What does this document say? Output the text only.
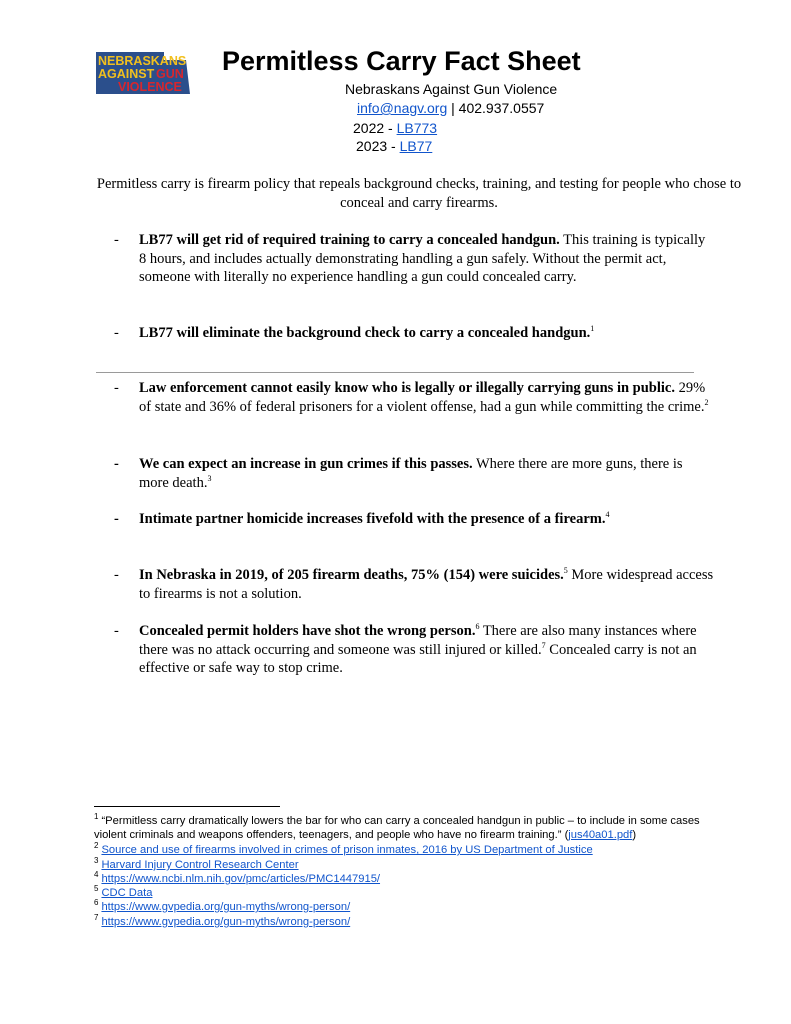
NEBRASKANS
AGAINST GUN
VIOLENCE
Permitless Carry Fact Sheet
Nebraskans Against Gun Violence
info@nagv.org | 402.937.0557
2022 - LB773
2023 - LB77
Permitless carry is firearm policy that repeals background checks, training, and testing for people who chose to conceal and carry firearms.
-	LB77 will get rid of required training to carry a concealed handgun. This training is typically 8 hours, and includes actually demonstrating handling a gun safely. Without the permit act, someone with literally no experience handling a gun could concealed carry.
-	LB77 will eliminate the background check to carry a concealed handgun.$^1$
-	Law enforcement cannot easily know who is legally or illegally carrying guns in public. 29% of state and 36% of federal prisoners for a violent offense, had a gun while committing the crime.$^2$
-	We can expect an increase in gun crimes if this passes. Where there are more guns, there is more death.$^3$
-	Intimate partner homicide increases fivefold with the presence of a firearm.$^4$
-	In Nebraska in 2019, of 205 firearm deaths, 75% (154) were suicides.$^5$ More widespread access to firearms is not a solution.
-	Concealed permit holders have shot the wrong person.$^6$ There are also many instances where there was no attack occurring and someone was still injured or killed.$^7$ Concealed carry is not an effective or safe way to stop crime.
$^1$ “Permitless carry dramatically lowers the bar for who can carry a concealed handgun in public – to include in some cases violent criminals and weapons offenders, teenagers, and people who have no firearm training.” (jus40a01.pdf)
$^2$ Source and use of firearms involved in crimes of prison inmates, 2016 by US Department of Justice
$^3$ Harvard Injury Control Research Center
$^4$ https://www.ncbi.nlm.nih.gov/pmc/articles/PMC1447915/
$^5$ CDC Data
$^6$ https://www.gvpedia.org/gun-myths/wrong-person/
$^7$ https://www.gvpedia.org/gun-myths/wrong-person/
